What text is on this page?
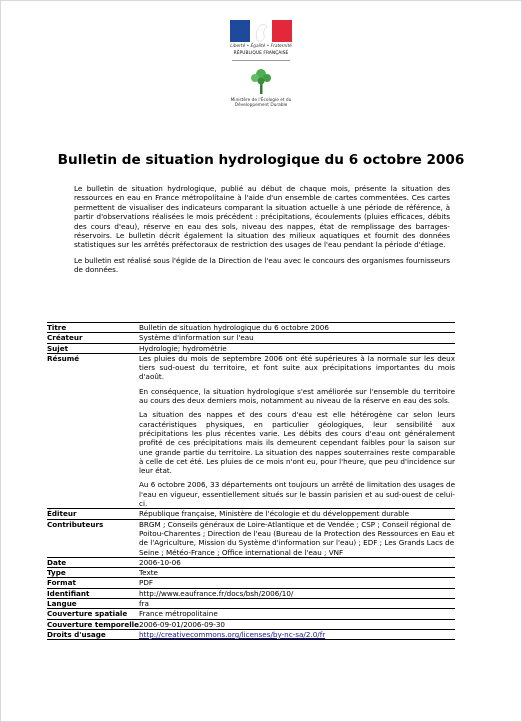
Liberté • Égalité • Fraternité
RÉPUBLIQUE FRANÇAISE
Ministère de l'Écologie et du Développement Durable
Bulletin de situation hydrologique du 6 octobre 2006

Le bulletin de situation hydrologique, publié au début de chaque mois, présente la situation des ressources en eau en France métropolitaine à l'aide d'un ensemble de cartes commentées. Ces cartes permettent de visualiser des indicateurs comparant la situation actuelle à une période de référence, à partir d'observations réalisées le mois précédent : précipitations, écoulements (pluies efficaces, débits des cours d'eau), réserve en eau des sols, niveau des nappes, état de remplissage des barrages-réservoirs. Le bulletin décrit également la situation des milieux aquatiques et fournit des données statistiques sur les arrêtés préfectoraux de restriction des usages de l'eau pendant la période d'étiage.

Le bulletin est réalisé sous l'égide de la Direction de l'eau avec le concours des organismes fournisseurs de données.

Titre	Bulletin de situation hydrologique du 6 octobre 2006
Créateur	Système d'information sur l'eau
Sujet	Hydrologie; hydrométrie
Résumé	Les pluies du mois de septembre 2006 ont été supérieures à la normale sur les deux tiers sud-ouest du territoire, et font suite aux précipitations importantes du mois d'août.

En conséquence, la situation hydrologique s'est améliorée sur l'ensemble du territoire au cours des deux derniers mois, notamment au niveau de la réserve en eau des sols.

La situation des nappes et des cours d'eau est elle hétérogène car selon leurs caractéristiques physiques, en particulier géologiques, leur sensibilité aux précipitations les plus récentes varie. Les débits des cours d'eau ont généralement profité de ces précipitations mais ils demeurent cependant faibles pour la saison sur une grande partie du territoire. La situation des nappes souterraines reste comparable à celle de cet été. Les pluies de ce mois n'ont eu, pour l'heure, que peu d'incidence sur leur état.

Au 6 octobre 2006, 33 départements ont toujours un arrêté de limitation des usages de l'eau en vigueur, essentiellement situés sur le bassin parisien et au sud-ouest de celui-ci.

Éditeur	République française, Ministère de l'écologie et du développement durable
Contributeurs	BRGM ; Conseils généraux de Loire-Atlantique et de Vendée ; CSP ; Conseil régional de Poitou-Charentes ; Direction de l'eau (Bureau de la Protection des Ressources en Eau et de l'Agriculture, Mission du Système d'information sur l'eau) ; EDF ; Les Grands Lacs de Seine ; Météo-France ; Office international de l'eau ; VNF
Date	2006-10-06
Type	Texte
Format	PDF
Identifiant	http://www.eaufrance.fr/docs/bsh/2006/10/
Langue	fra
Couverture spatiale	France métropolitaine
Couverture temporelle	2006-09-01/2006-09-30
Droits d'usage	http://creativecommons.org/licenses/by-nc-sa/2.0/fr
